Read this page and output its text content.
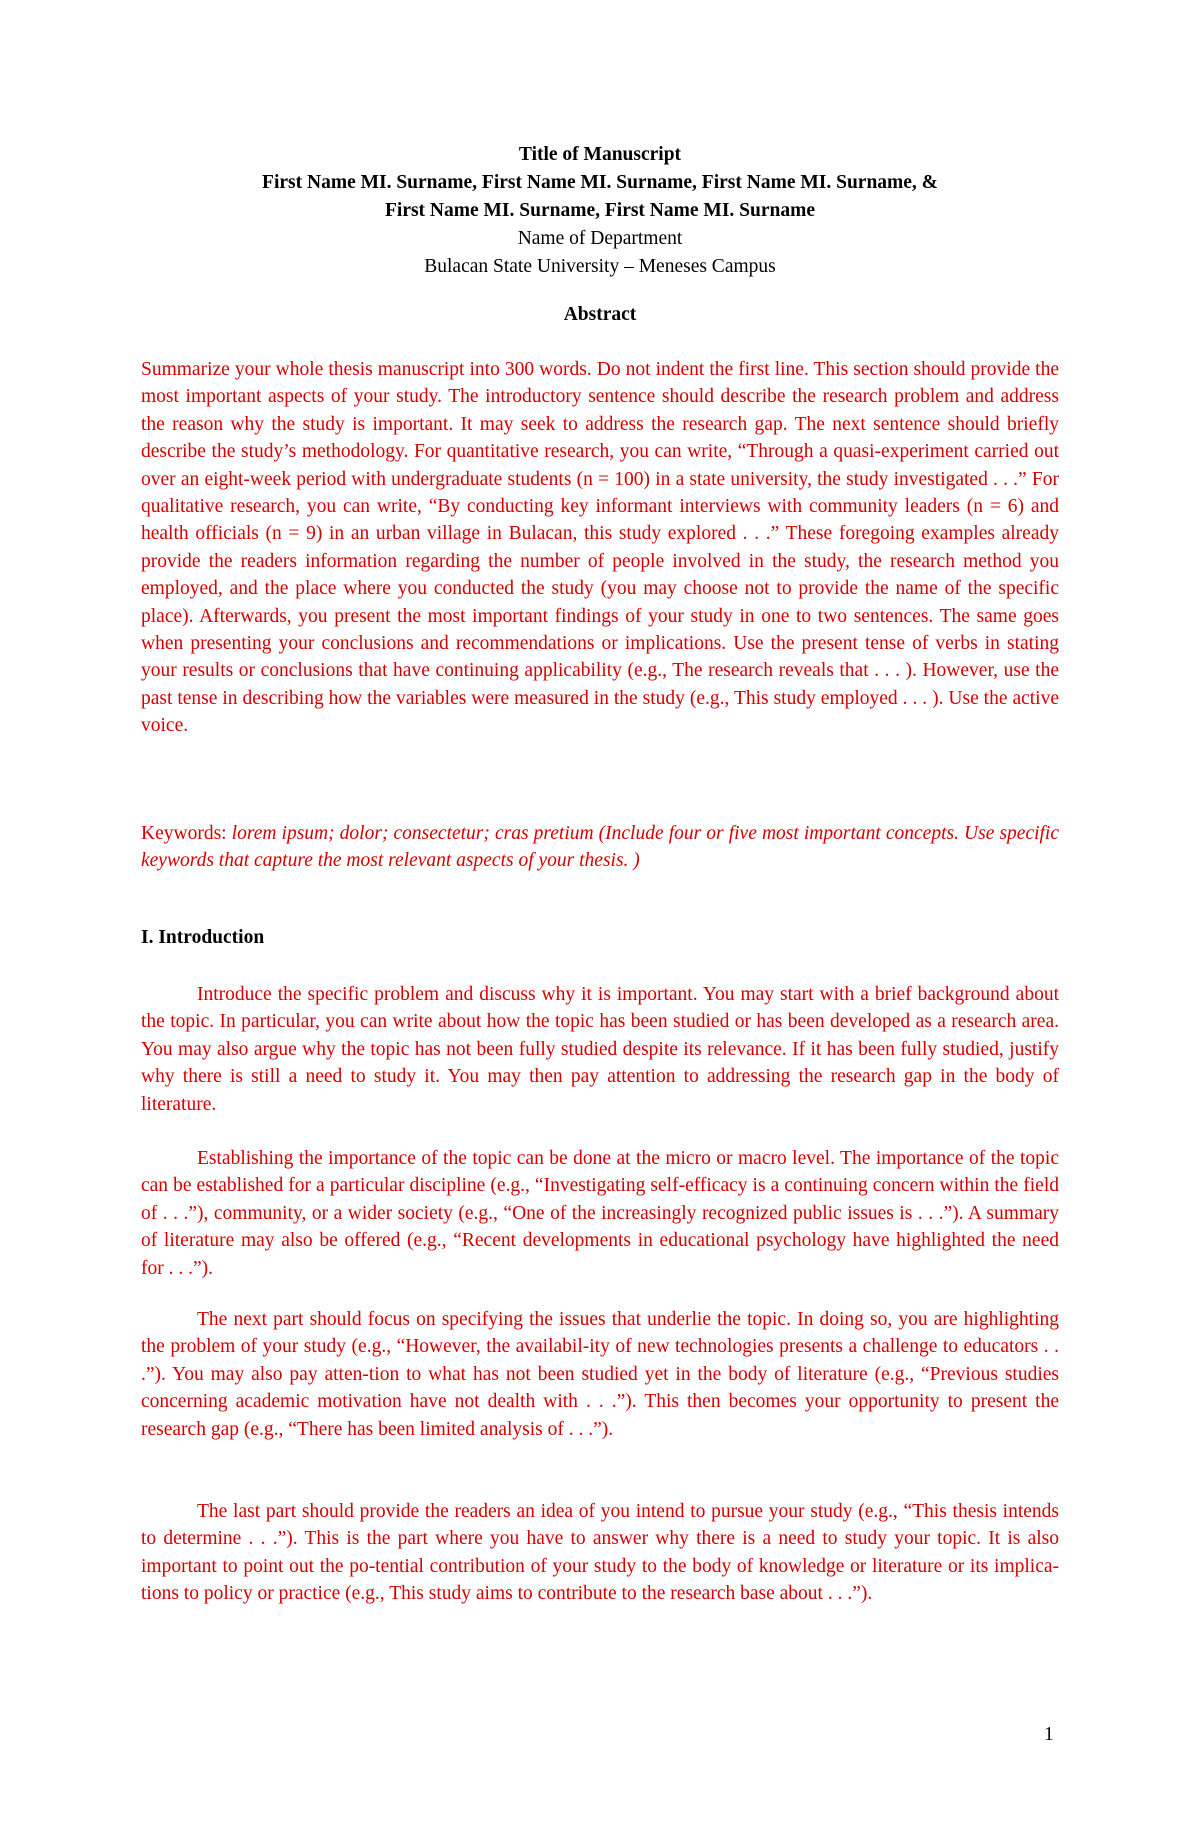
Title of Manuscript
First Name MI. Surname, First Name MI. Surname, First Name MI. Surname, &
First Name MI. Surname, First Name MI. Surname
Name of Department
Bulacan State University – Meneses Campus
Abstract

Summarize your whole thesis manuscript into 300 words. Do not indent the first line. This section should provide the most important aspects of your study. The introductory sentence should describe the research problem and address the reason why the study is important. It may seek to address the research gap. The next sentence should briefly describe the study’s methodology. For quantitative research, you can write, “Through a quasi-experiment carried out over an eight-week period with undergraduate students (n = 100) in a state university, the study investigated . . .” For qualitative research, you can write, “By conducting key informant interviews with community leaders (n = 6) and health officials (n = 9) in an urban village in Bulacan, this study explored . . .” These foregoing examples already provide the readers information regarding the number of people involved in the study, the research method you employed, and the place where you conducted the study (you may choose not to provide the name of the specific place). Afterwards, you present the most important findings of your study in one to two sentences. The same goes when presenting your conclusions and recommendations or implications. Use the present tense of verbs in stating your results or conclusions that have continuing applicability (e.g., The research reveals that . . . ). However, use the past tense in describing how the variables were measured in the study (e.g., This study employed . . . ). Use the active voice.

Keywords: lorem ipsum; dolor; consectetur; cras pretium (Include four or five most important concepts. Use specific keywords that capture the most relevant aspects of your thesis. )

I. Introduction

Introduce the specific problem and discuss why it is important. You may start with a brief background about the topic. In particular, you can write about how the topic has been studied or has been developed as a research area. You may also argue why the topic has not been fully studied despite its relevance. If it has been fully studied, justify why there is still a need to study it. You may then pay attention to addressing the research gap in the body of literature.

Establishing the importance of the topic can be done at the micro or macro level. The importance of the topic can be established for a particular discipline (e.g., “Investigating self-efficacy is a continuing concern within the field of . . .”), community, or a wider society (e.g., “One of the increasingly recognized public issues is . . .”). A summary of literature may also be offered (e.g., “Recent developments in educational psychology have highlighted the need for . . .”).

The next part should focus on specifying the issues that underlie the topic. In doing so, you are highlighting the problem of your study (e.g., “However, the availabil-ity of new technologies presents a challenge to educators . . .”). You may also pay atten-tion to what has not been studied yet in the body of literature (e.g., “Previous studies concerning academic motivation have not dealth with . . .”). This then becomes your opportunity to present the research gap (e.g., “There has been limited analysis of . . .”).

The last part should provide the readers an idea of you intend to pursue your study (e.g., “This thesis intends to determine . . .”). This is the part where you have to answer why there is a need to study your topic. It is also important to point out the po-tential contribution of your study to the body of knowledge or literature or its implica-tions to policy or practice (e.g., This study aims to contribute to the research base about . . .”).

1
